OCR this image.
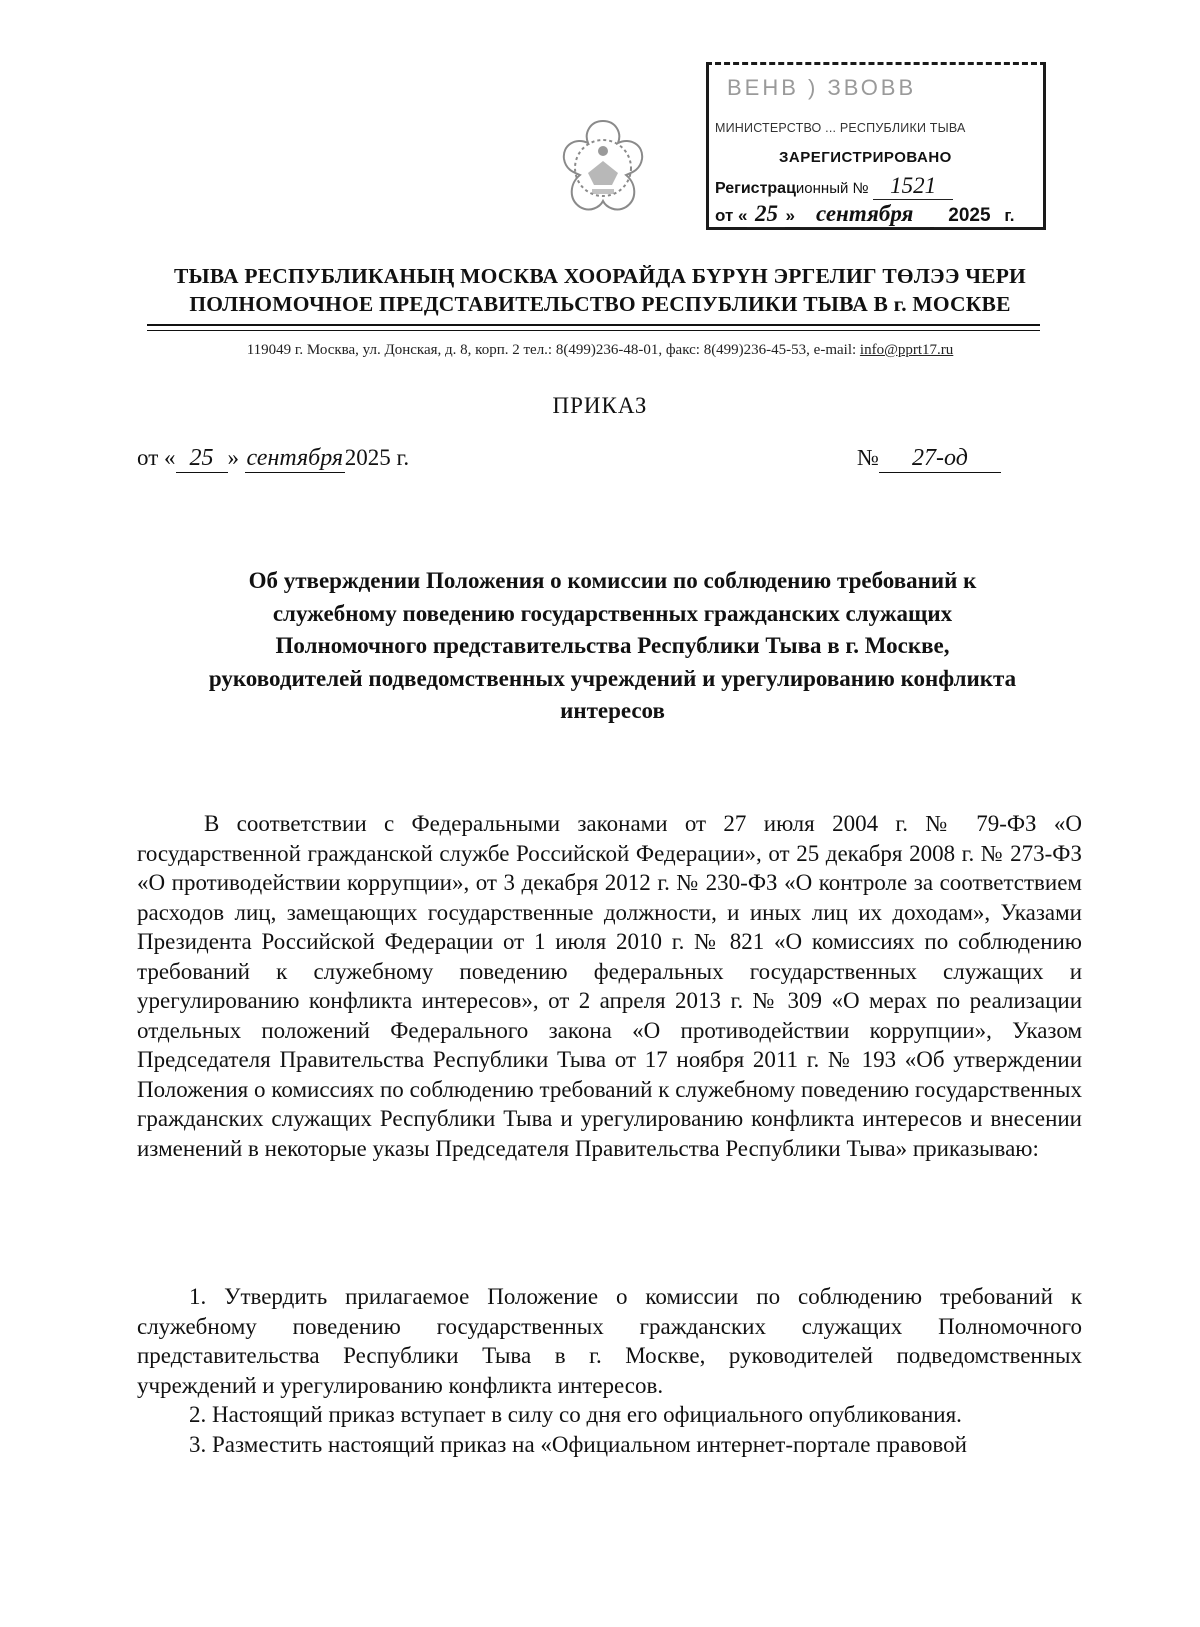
ВЕНВ ) ЗВОВВ
МИНИСТЕРСТВО ... РЕСПУБЛИКИ ТЫВА
ЗАРЕГИСТРИРОВАНО
Регистрационный № 1521
от « 25 » сентября 2025 г.
ТЫВА РЕСПУБЛИКАНЫҢ МОСКВА ХООРАЙДА БҮРҮН ЭРГЕЛИГ ТӨЛЭЭ ЧЕРИ
ПОЛНОМОЧНОЕ ПРЕДСТАВИТЕЛЬСТВО РЕСПУБЛИКИ ТЫВА В г. МОСКВЕ
119049 г. Москва, ул. Донская, д. 8, корп. 2 тел.: 8(499)236-48-01, факс: 8(499)236-45-53, e-mail: info@pprt17.ru
ПРИКАЗ
от « 25 » сентября2025 г.	№ 27-од
Об утверждении Положения о комиссии по соблюдению требований к
служебному поведению государственных гражданских служащих
Полномочного представительства Республики Тыва в г. Москве,
руководителей подведомственных учреждений и урегулированию конфликта
интересов

В соответствии с Федеральными законами от 27 июля 2004 г. № 79-ФЗ «О государственной гражданской службе Российской Федерации», от 25 декабря 2008 г. № 273-ФЗ «О противодействии коррупции», от 3 декабря 2012 г. № 230-ФЗ «О контроле за соответствием расходов лиц, замещающих государственные должности, и иных лиц их доходам», Указами Президента Российской Федерации от 1 июля 2010 г. № 821 «О комиссиях по соблюдению требований к служебному поведению федеральных государственных служащих и урегулированию конфликта интересов», от 2 апреля 2013 г. № 309 «О мерах по реализации отдельных положений Федерального закона «О противодействии коррупции», Указом Председателя Правительства Республики Тыва от 17 ноября 2011 г. № 193 «Об утверждении Положения о комиссиях по соблюдению требований к служебному поведению государственных гражданских служащих Республики Тыва и урегулированию конфликта интересов и внесении изменений в некоторые указы Председателя Правительства Республики Тыва» приказываю:

1. Утвердить прилагаемое Положение о комиссии по соблюдению требований к служебному поведению государственных гражданских служащих Полномочного представительства Республики Тыва в г. Москве, руководителей подведомственных учреждений и урегулированию конфликта интересов.

2. Настоящий приказ вступает в силу со дня его официального опубликования.

3. Разместить настоящий приказ на «Официальном интернет-портале правовой
